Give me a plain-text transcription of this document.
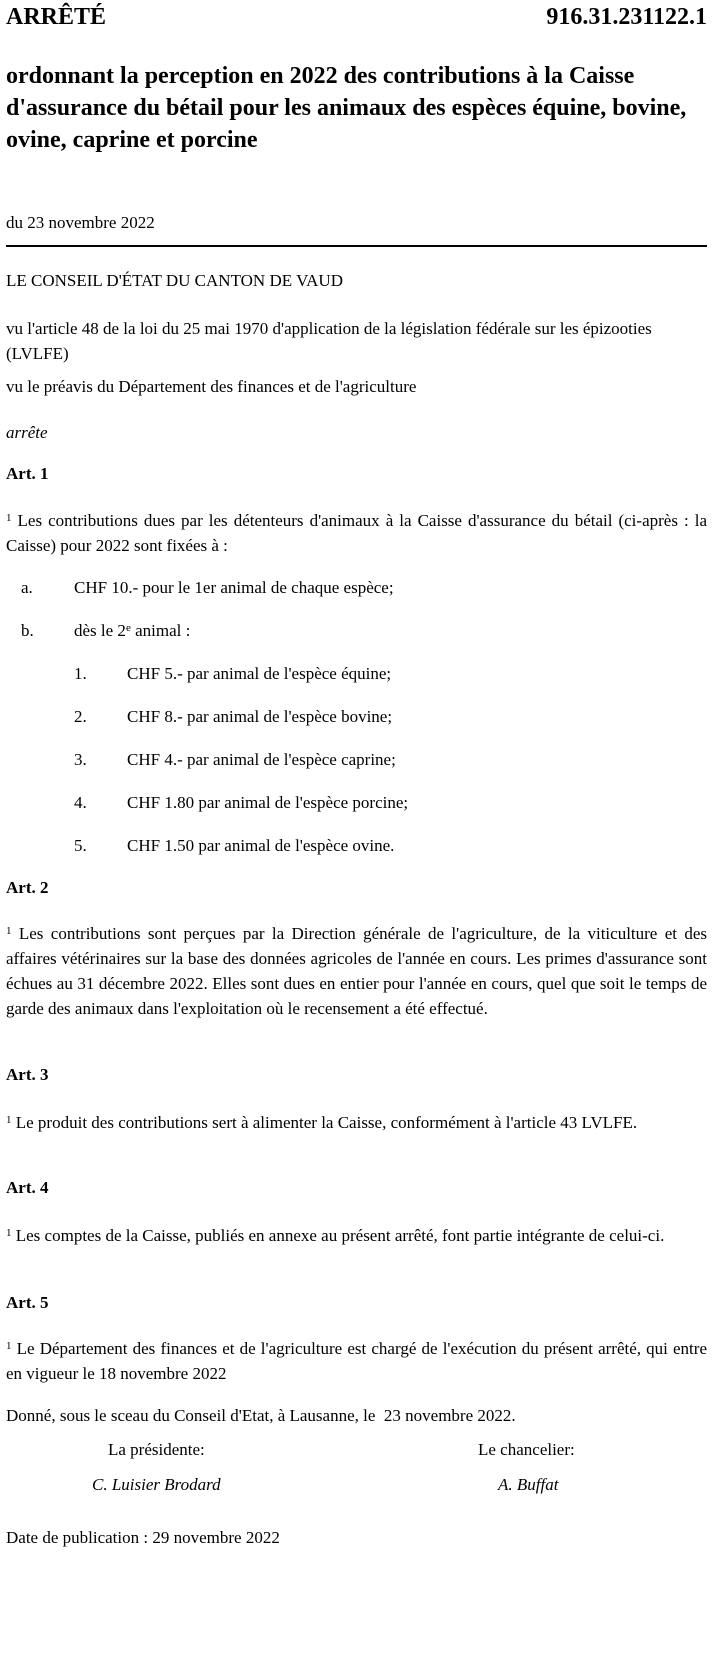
ARRÊTÉ	916.31.231122.1
ordonnant la perception en 2022 des contributions à la Caisse d'assurance du bétail pour les animaux des espèces équine, bovine, ovine, caprine et porcine

du 23 novembre 2022

LE CONSEIL D'ÉTAT DU CANTON DE VAUD

vu l'article 48 de la loi du 25 mai 1970 d'application de la législation fédérale sur les épizooties (LVLFE)

vu le préavis du Département des finances et de l'agriculture

arrête

Art. 1

$^1$ Les contributions dues par les détenteurs d'animaux à la Caisse d'assurance du bétail (ci-après : la Caisse) pour 2022 sont fixées à :

a.	CHF 10.- pour le 1er animal de chaque espèce;
b.	dès le 2e animal :
1.	CHF 5.- par animal de l'espèce équine;
2.	CHF 8.- par animal de l'espèce bovine;
3.	CHF 4.- par animal de l'espèce caprine;
4.	CHF 1.80 par animal de l'espèce porcine;
5.	CHF 1.50 par animal de l'espèce ovine.

Art. 2

$^1$ Les contributions sont perçues par la Direction générale de l'agriculture, de la viticulture et des affaires vétérinaires sur la base des données agricoles de l'année en cours. Les primes d'assurance sont échues au 31 décembre 2022. Elles sont dues en entier pour l'année en cours, quel que soit le temps de garde des animaux dans l'exploitation où le recensement a été effectué.

Art. 3

$^1$ Le produit des contributions sert à alimenter la Caisse, conformément à l'article 43 LVLFE.

Art. 4

$^1$ Les comptes de la Caisse, publiés en annexe au présent arrêté, font partie intégrante de celui-ci.

Art. 5

$^1$ Le Département des finances et de l'agriculture est chargé de l'exécution du présent arrêté, qui entre en vigueur le 18 novembre 2022

Donné, sous le sceau du Conseil d'Etat, à Lausanne, le  23 novembre 2022.

La présidente:
C. Luisier Brodard
Le chancelier:
A. Buffat

Date de publication : 29 novembre 2022
